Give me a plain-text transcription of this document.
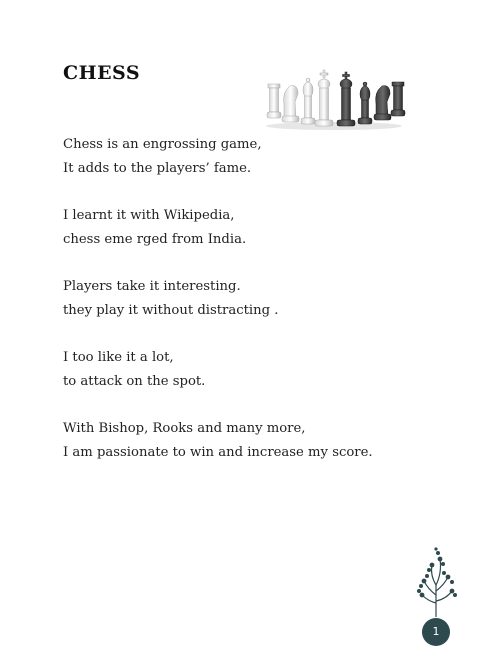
CHESS
Chess is an engrossing game,
It adds to the players’ fame.
I learnt it with Wikipedia,
chess eme rged from India.
Players take it interesting.
they play it without distracting .
I too like it a lot,
to attack on the spot.
With Bishop, Rooks and many more,
I am passionate to win and increase my score.
1
